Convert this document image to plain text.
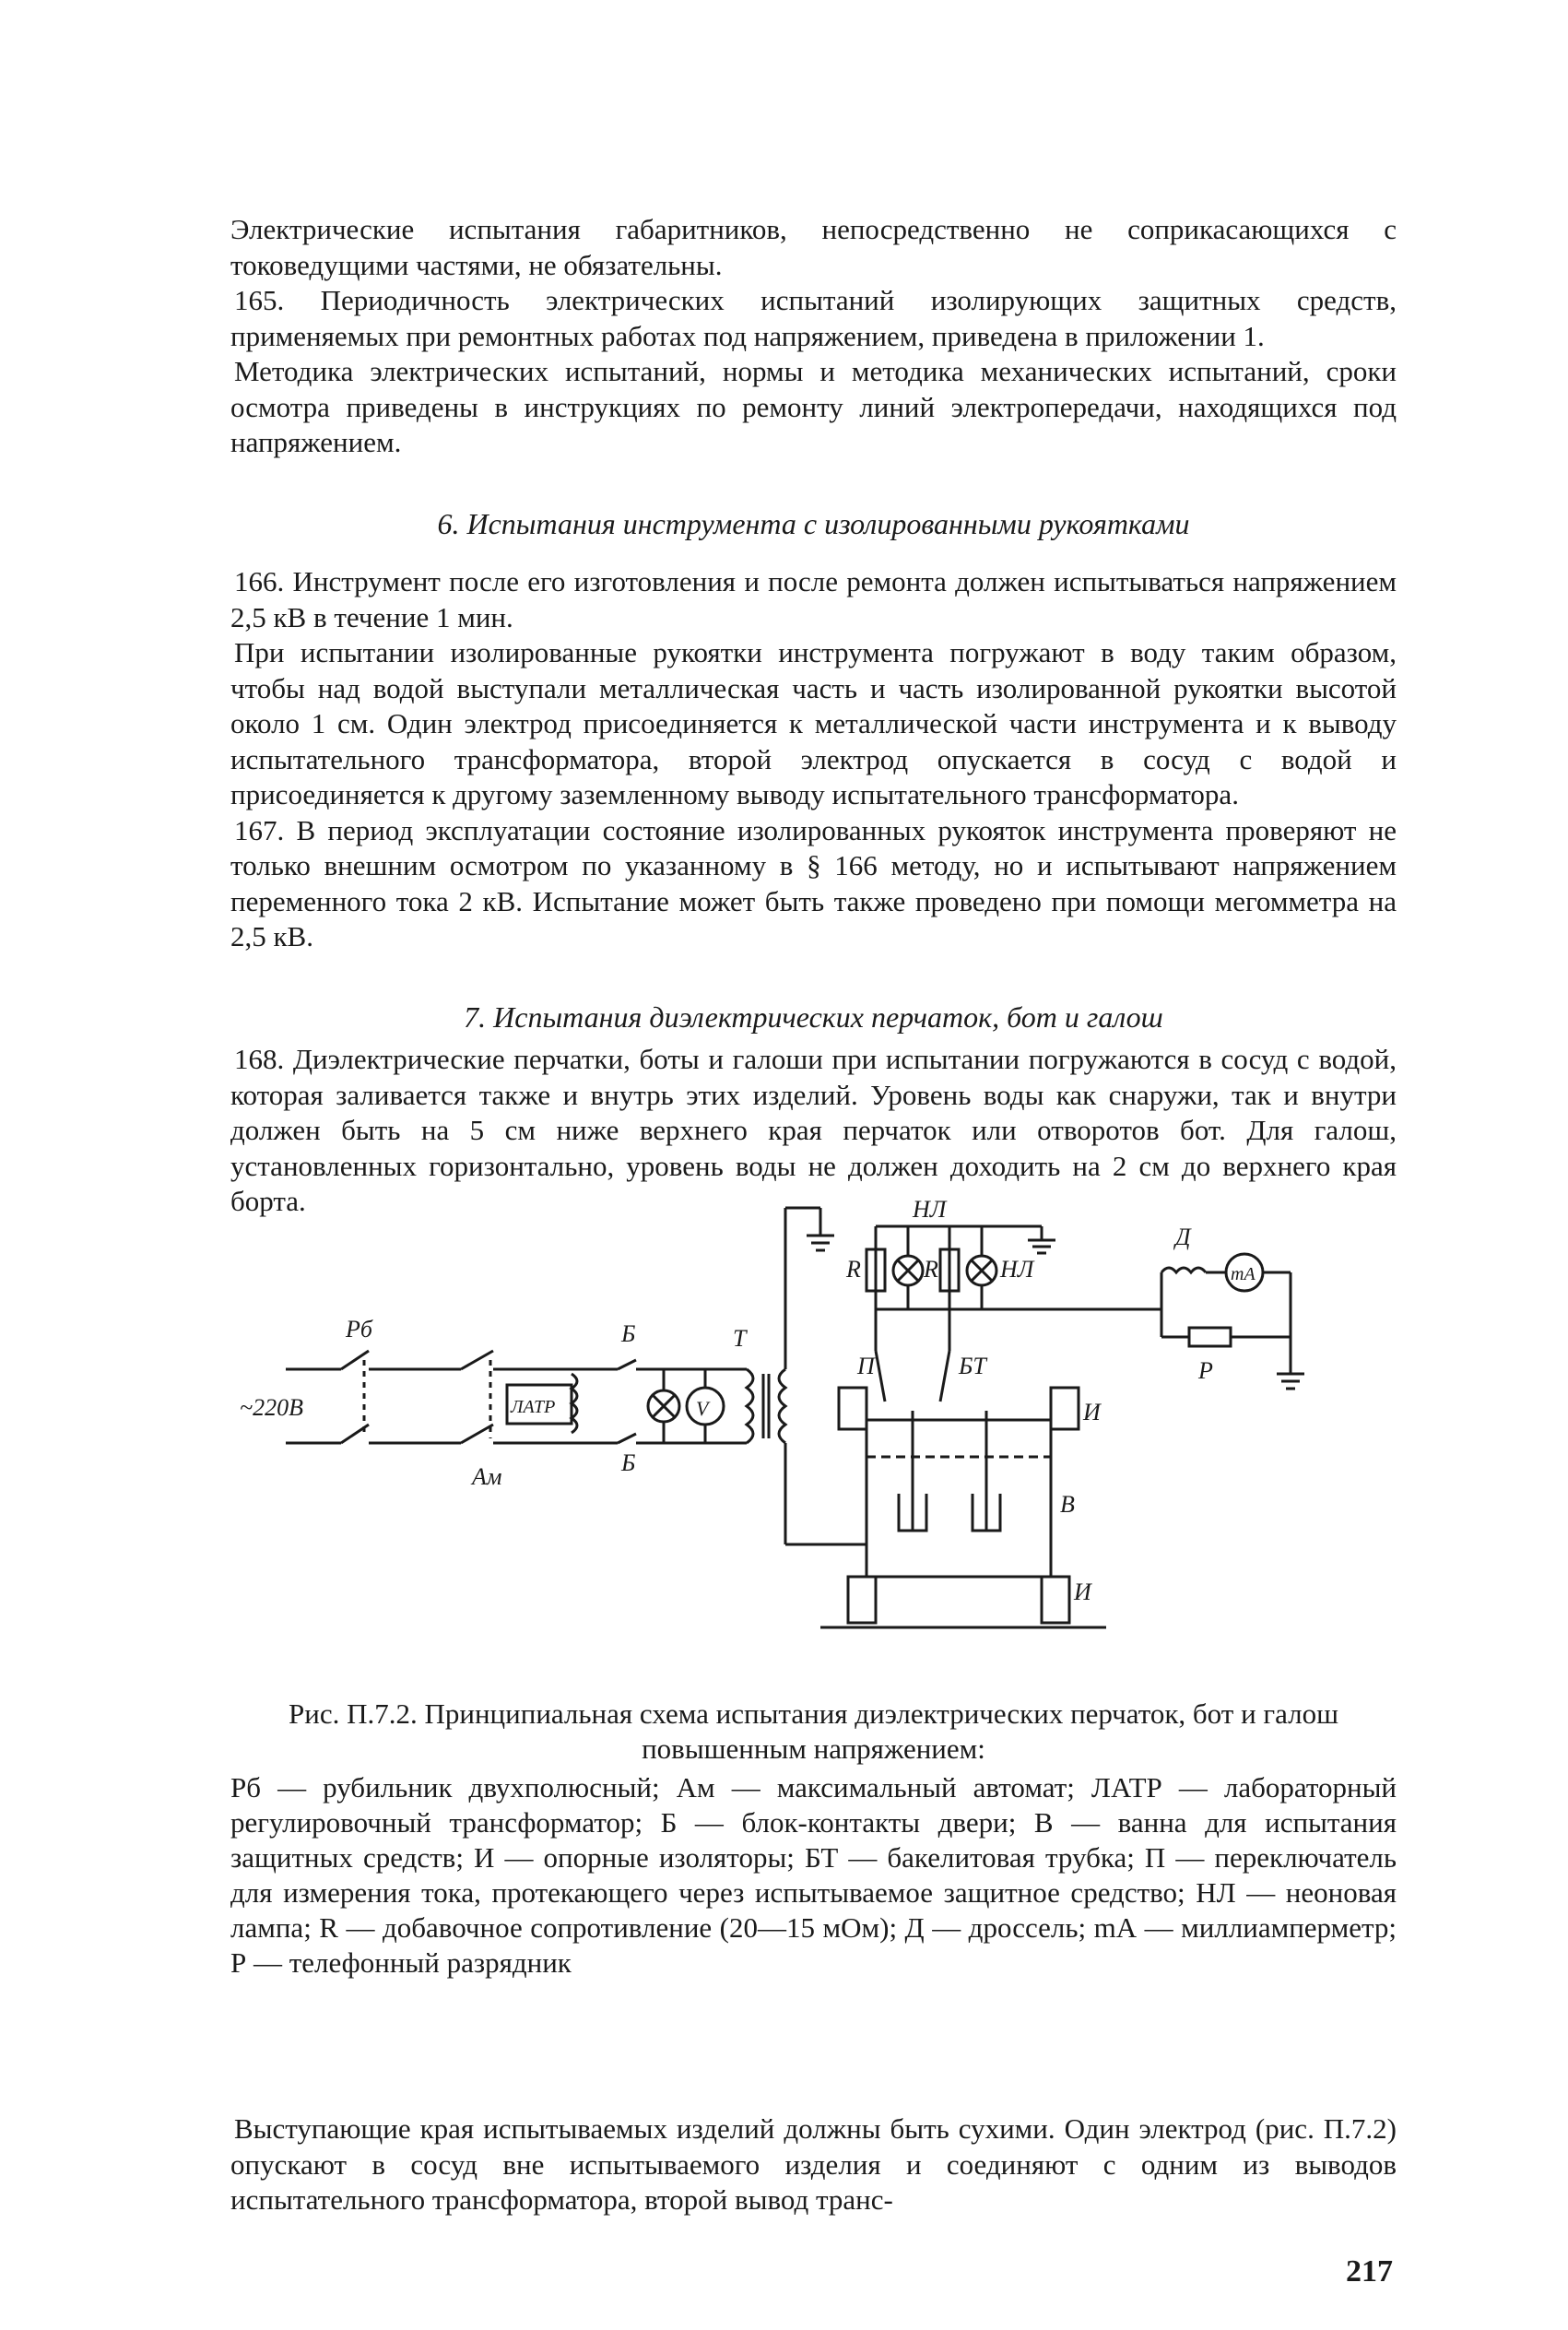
Электрические испытания габаритников, непосредственно не соприкасающихся с токоведущими частями, не обязательны.

165. Периодичность электрических испытаний изолирующих защитных средств, применяемых при ремонтных работах под напряжением, приведена в приложении 1.

Методика электрических испытаний, нормы и методика механических испытаний, сроки осмотра приведены в инструкциях по ремонту линий электропередачи, находящихся под напряжением.

6. Испытания инструмента с изолированными рукоятками

166. Инструмент после его изготовления и после ремонта должен испытываться напряжением 2,5 кВ в течение 1 мин.

При испытании изолированные рукоятки инструмента погружают в воду таким образом, чтобы над водой выступали металлическая часть и часть изолированной рукоятки высотой около 1 см. Один электрод присоединяется к металлической части инструмента и к выводу испытательного трансформатора, второй электрод опускается в сосуд с водой и присоединяется к другому заземленному выводу испытательного трансформатора.

167. В период эксплуатации состояние изолированных рукояток инструмента проверяют не только внешним осмотром по указанному в § 166 методу, но и испытывают напряжением переменного тока 2 кВ. Испытание может быть также проведено при помощи мегомметра на 2,5 кВ.

7. Испытания диэлектрических перчаток, бот и галош

168. Диэлектрические перчатки, боты и галоши при испытании погружаются в сосуд с водой, которая заливается также и внутрь этих изделий. Уровень воды как снаружи, так и внутри должен быть на 5 см ниже верхнего края перчаток или отворотов бот. Для галош, установленных горизонтально, уровень воды не должен доходить на 2 см до верхнего края борта.

~220В
Рб
Ам
ЛАТР
Б
Б
V
Т
R	R
НЛ
НЛ
П	БТ
И
В
И
Д
mA
Р
Рис. П.7.2. Принципиальная схема испытания диэлектрических перчаток, бот и галош повышенным напряжением:
Рб — рубильник двухполюсный; Ам — максимальный автомат; ЛАТР — лабораторный регулировочный трансформатор; Б — блок-контакты двери; В — ванна для испытания защитных средств; И — опорные изоляторы; БТ — бакелитовая трубка; П — переключатель для измерения тока, протекающего через испытываемое защитное средство; НЛ — неоновая лампа; R — добавочное сопротивление (20—15 мОм); Д — дроссель; mА — миллиамперметр; Р — телефонный разрядник

Выступающие края испытываемых изделий должны быть сухими. Один электрод (рис. П.7.2) опускают в сосуд вне испытываемого изделия и соединяют с одним из выводов испытательного трансформатора, второй вывод транс-

217
